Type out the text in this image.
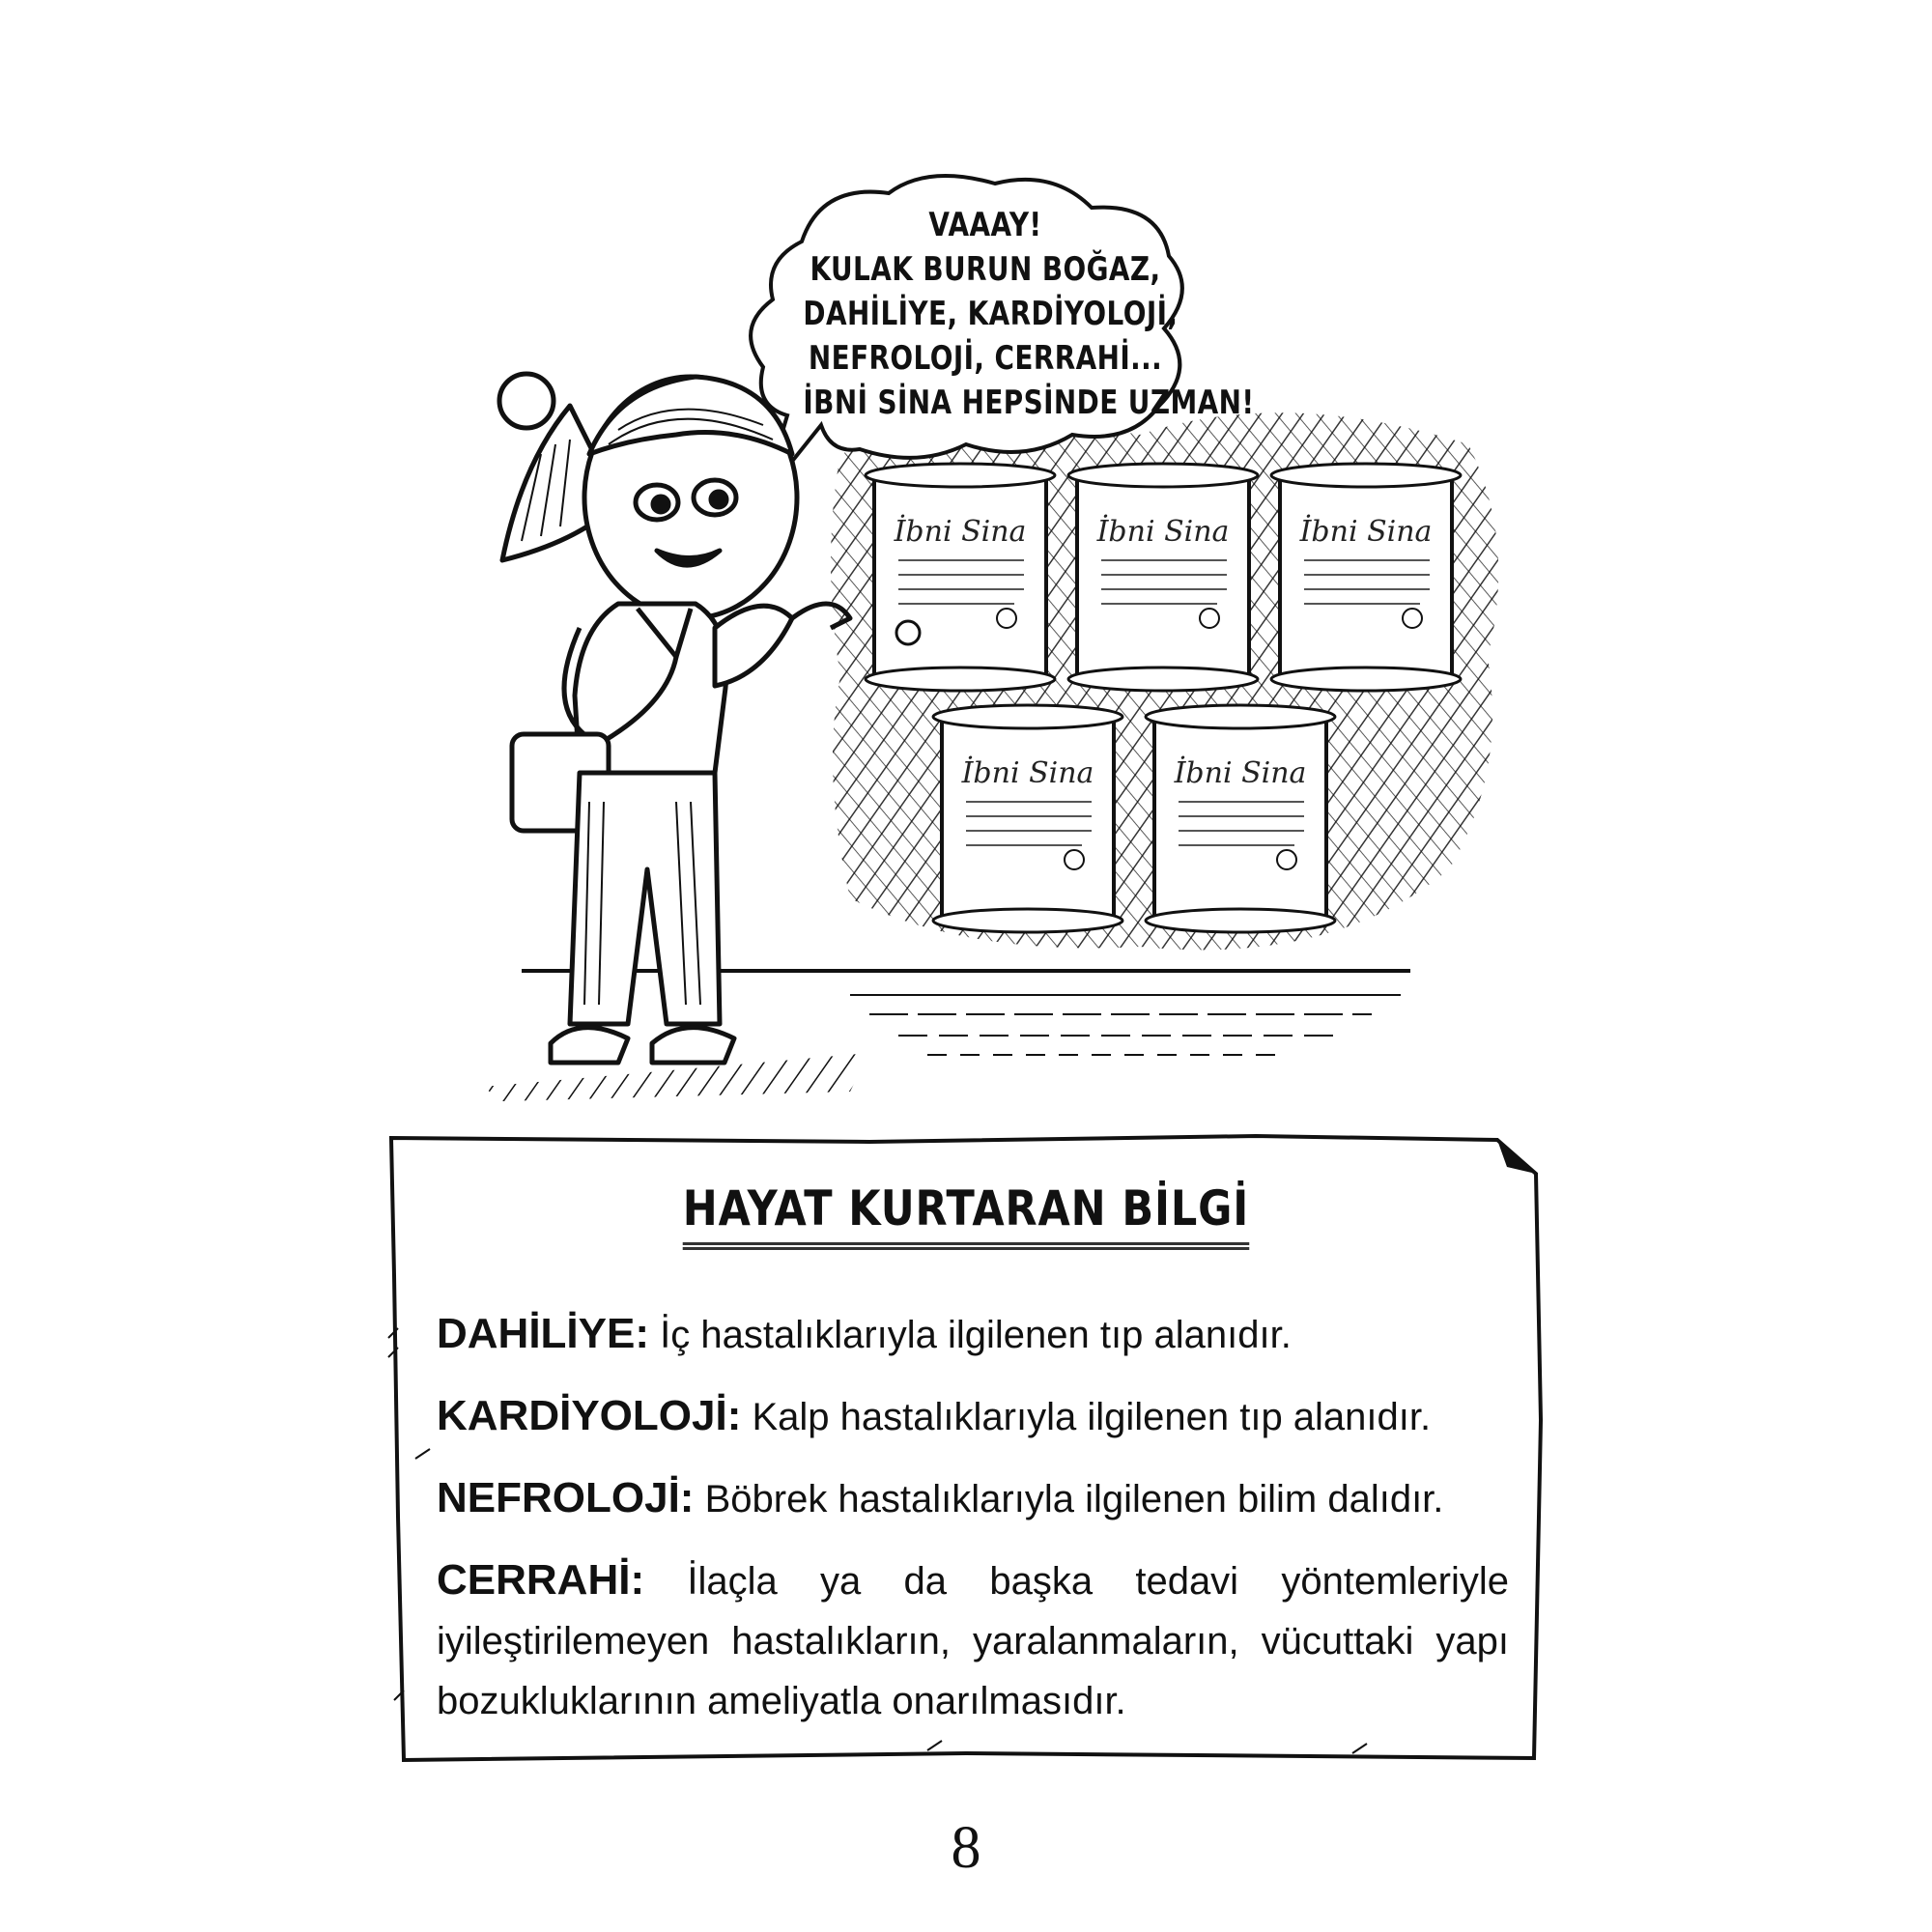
İbni Sina İbni Sina İbni Sina
İbni Sina	İbni Sina
VAAAY!
KULAK BURUN BOĞAZ,
DAHİLİYE, KARDİYOLOJİ,
NEFROLOJİ, CERRAHİ...
İBNİ SİNA HEPSİNDE UZMAN!
HAYAT KURTARAN BİLGİ
DAHİLİYE: İç hastalıklarıyla ilgilenen tıp alanıdır.
KARDİYOLOJİ: Kalp hastalıklarıyla ilgilenen tıp alanıdır.
NEFROLOJİ: Böbrek hastalıklarıyla ilgilenen bilim dalıdır.
CERRAHİ: İlaçla ya da başka tedavi yöntemleriyle iyileştirilemeyen hastalıkların, yaralanmaların, vücuttaki yapı bozukluklarının ameliyatla onarılmasıdır.
8
